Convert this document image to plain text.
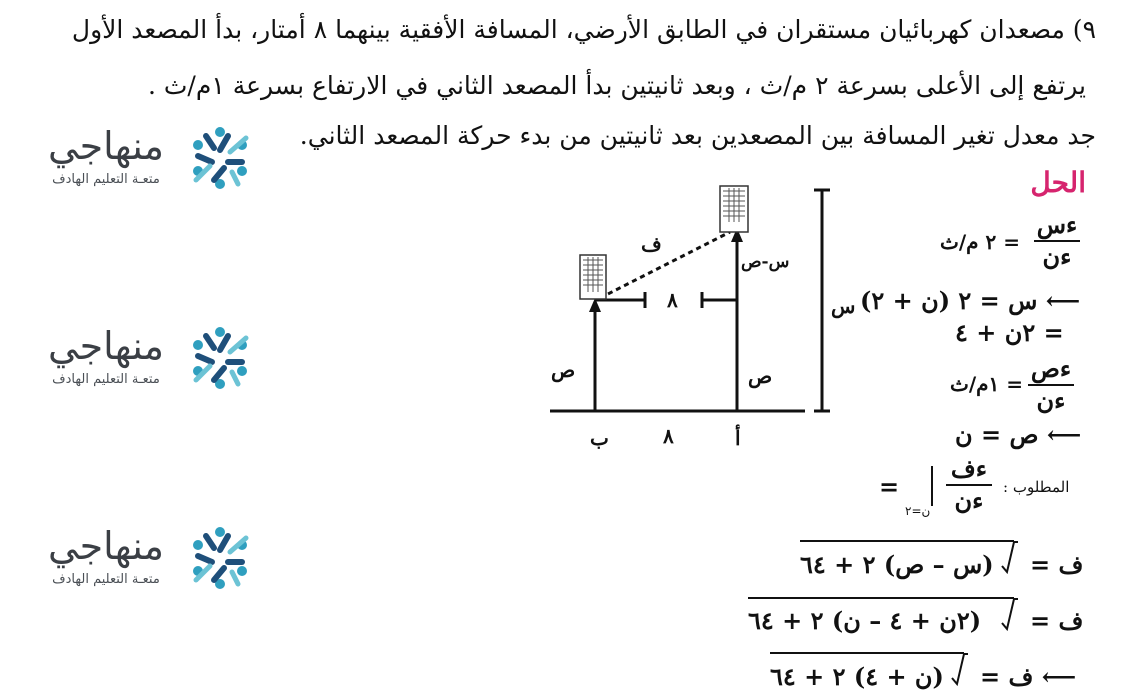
٩) مصعدان كهربائيان مستقران في الطابق الأرضي، المسافة الأفقية بينهما ٨ أمتار، بدأ المصعد الأول
يرتفع إلى الأعلى بسرعة ٢ م/ث ، وبعد ثانيتين بدأ المصعد الثاني في الارتفاع بسرعة ١م/ث .
جد معدل تغير المسافة بين المصعدين بعد ثانيتين من بدء حركة المصعد الثاني.
الحل
منهاجي
متعـة التعليم الهادف
منهاجي
متعـة التعليم الهادف
منهاجي
متعـة التعليم الهادف
ف
س-ص
٨	س
ص	ص
ب	٨	أ
ءس
ءن
= ٢ م/ث
⟵ س = ٢ (ن + ٢)
= ٢ن + ٤
ءص
ءن
= ١م/ث
⟵ ص = ن
المطلوب :
ءف
ءن
ن=٢
=
ف =
(س – ص) ٢ + ٦٤
ف =
(٢ن + ٤ – ن) ٢ + ٦٤
⟵ ف =
(ن + ٤) ٢ + ٦٤
